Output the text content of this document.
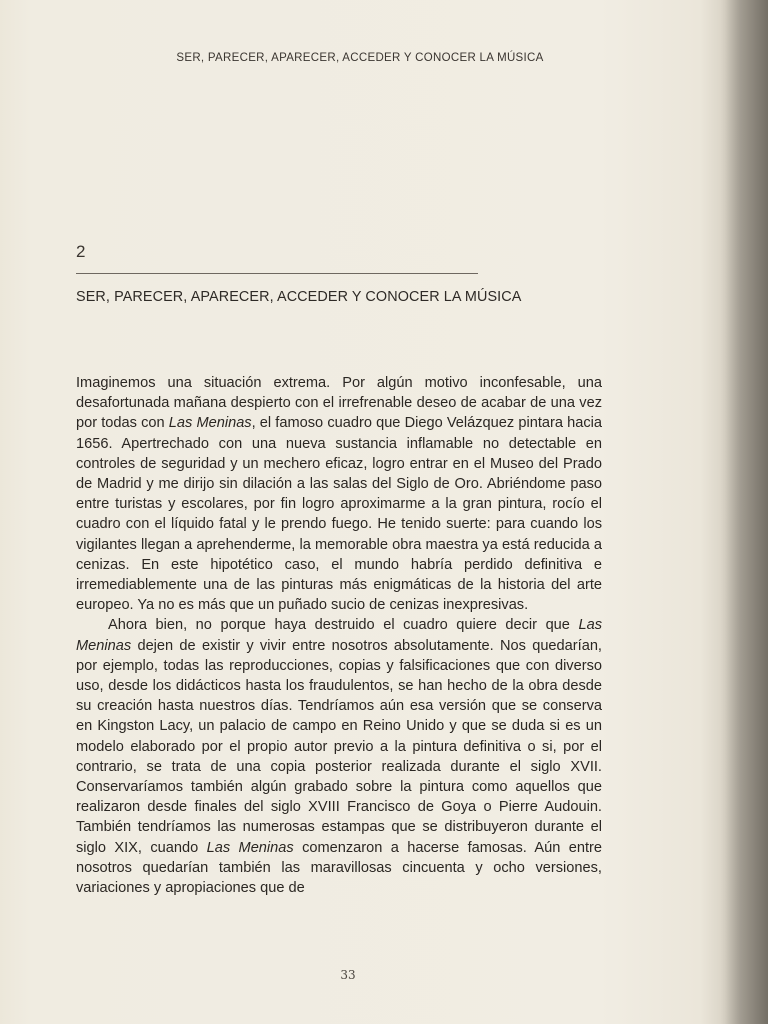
SER, PARECER, APARECER, ACCEDER Y CONOCER LA MÚSICA
2
SER, PARECER, APARECER, ACCEDER Y CONOCER LA MÚSICA

Imaginemos una situación extrema. Por algún motivo inconfesable, una desafortunada mañana despierto con el irrefrenable deseo de acabar de una vez por todas con Las Meninas, el famoso cuadro que Diego Velázquez pintara hacia 1656. Apertrechado con una nueva sustancia inflamable no detectable en controles de seguridad y un mechero eficaz, logro entrar en el Museo del Prado de Madrid y me dirijo sin dilación a las salas del Siglo de Oro. Abriéndome paso entre turistas y escolares, por fin logro aproximarme a la gran pintura, rocío el cuadro con el líquido fatal y le prendo fuego. He tenido suerte: para cuando los vigilantes llegan a aprehenderme, la memorable obra maestra ya está reducida a cenizas. En este hipotético caso, el mundo habría perdido definitiva e irremediablemente una de las pinturas más enigmáticas de la historia del arte europeo. Ya no es más que un puñado sucio de cenizas inexpresivas.

Ahora bien, no porque haya destruido el cuadro quiere decir que Las Meninas dejen de existir y vivir entre nosotros absolutamente. Nos quedarían, por ejemplo, todas las reproducciones, copias y falsificaciones que con diverso uso, desde los didácticos hasta los fraudulentos, se han hecho de la obra desde su creación hasta nuestros días. Tendríamos aún esa versión que se conserva en Kingston Lacy, un palacio de campo en Reino Unido y que se duda si es un modelo elaborado por el propio autor previo a la pintura definitiva o si, por el contrario, se trata de una copia posterior realizada durante el siglo XVII. Conservaríamos también algún grabado sobre la pintura como aquellos que realizaron desde finales del siglo XVIII Francisco de Goya o Pierre Audouin. También tendríamos las numerosas estampas que se distribuyeron durante el siglo XIX, cuando Las Meninas comenzaron a hacerse famosas. Aún entre nosotros quedarían también las maravillosas cincuenta y ocho versiones, variaciones y apropiaciones que de

33
